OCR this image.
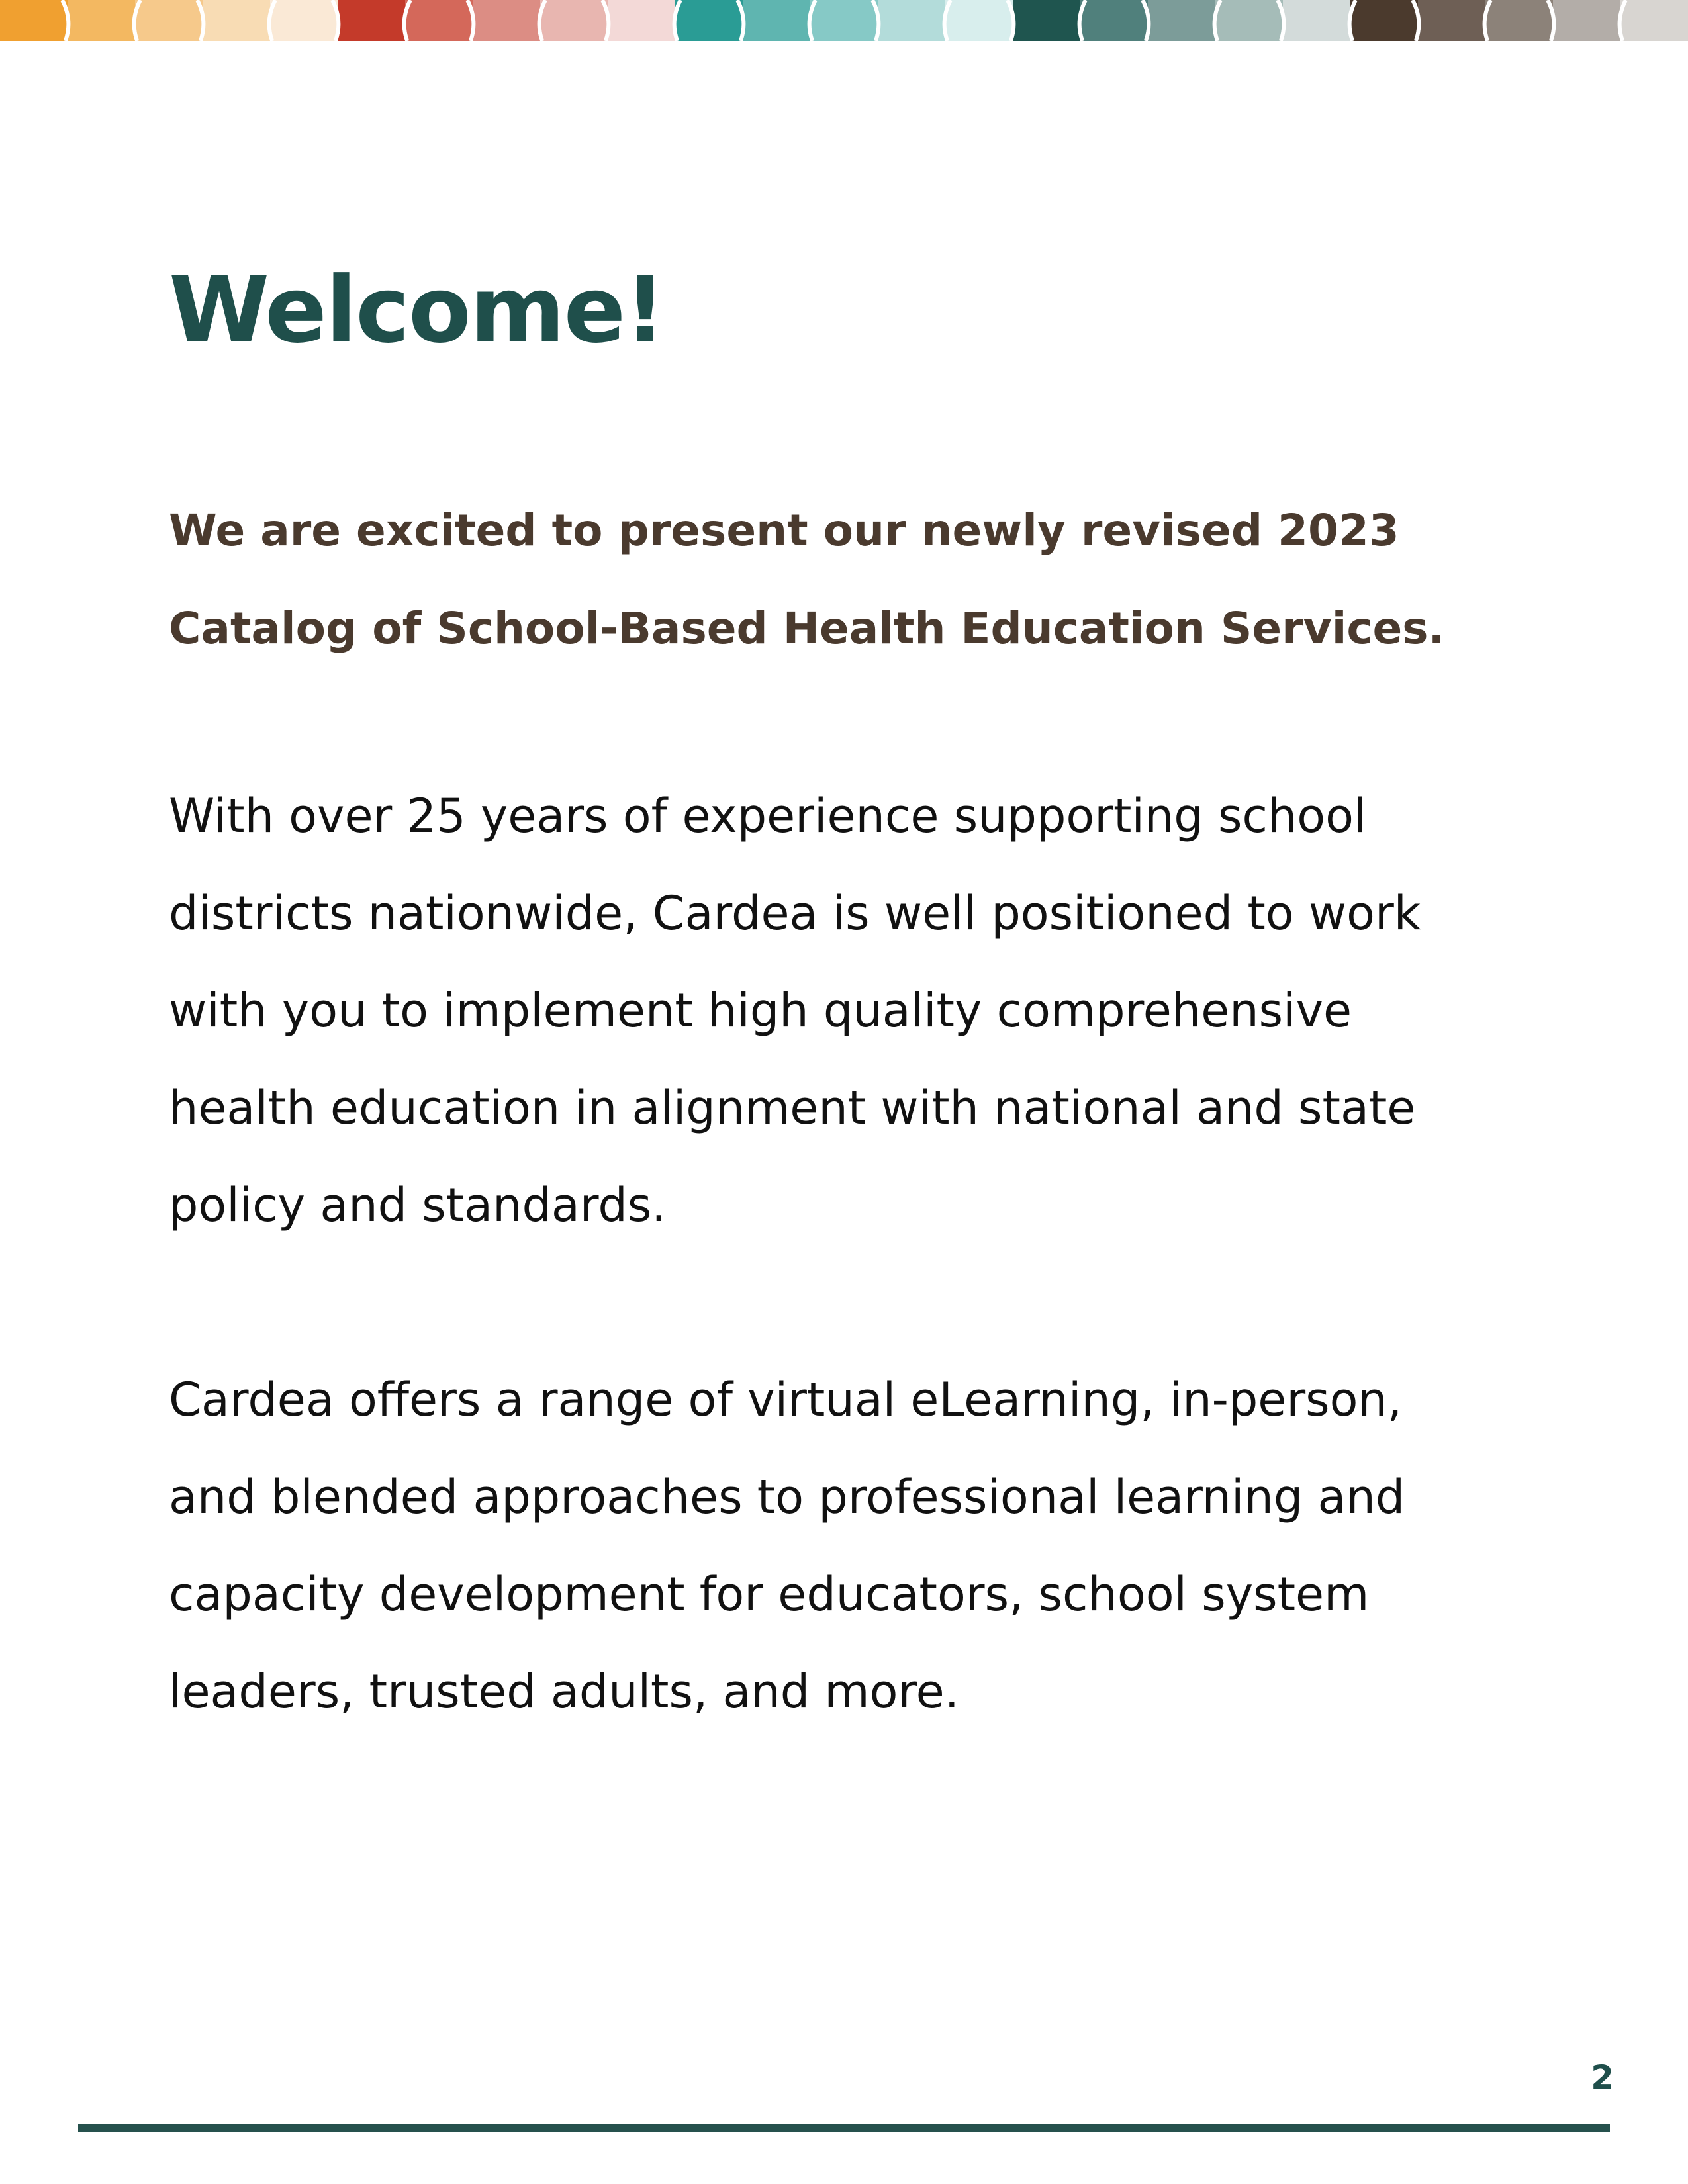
Welcome!

We are excited to present our newly revised 2023
Catalog of School-Based Health Education Services.

With over 25 years of experience supporting school
districts nationwide, Cardea is well positioned to work
with you to implement high quality comprehensive
health education in alignment with national and state
policy and standards.

Cardea offers a range of virtual eLearning, in-person,
and blended approaches to professional learning and
capacity development for educators, school system
leaders, trusted adults, and more.

2
